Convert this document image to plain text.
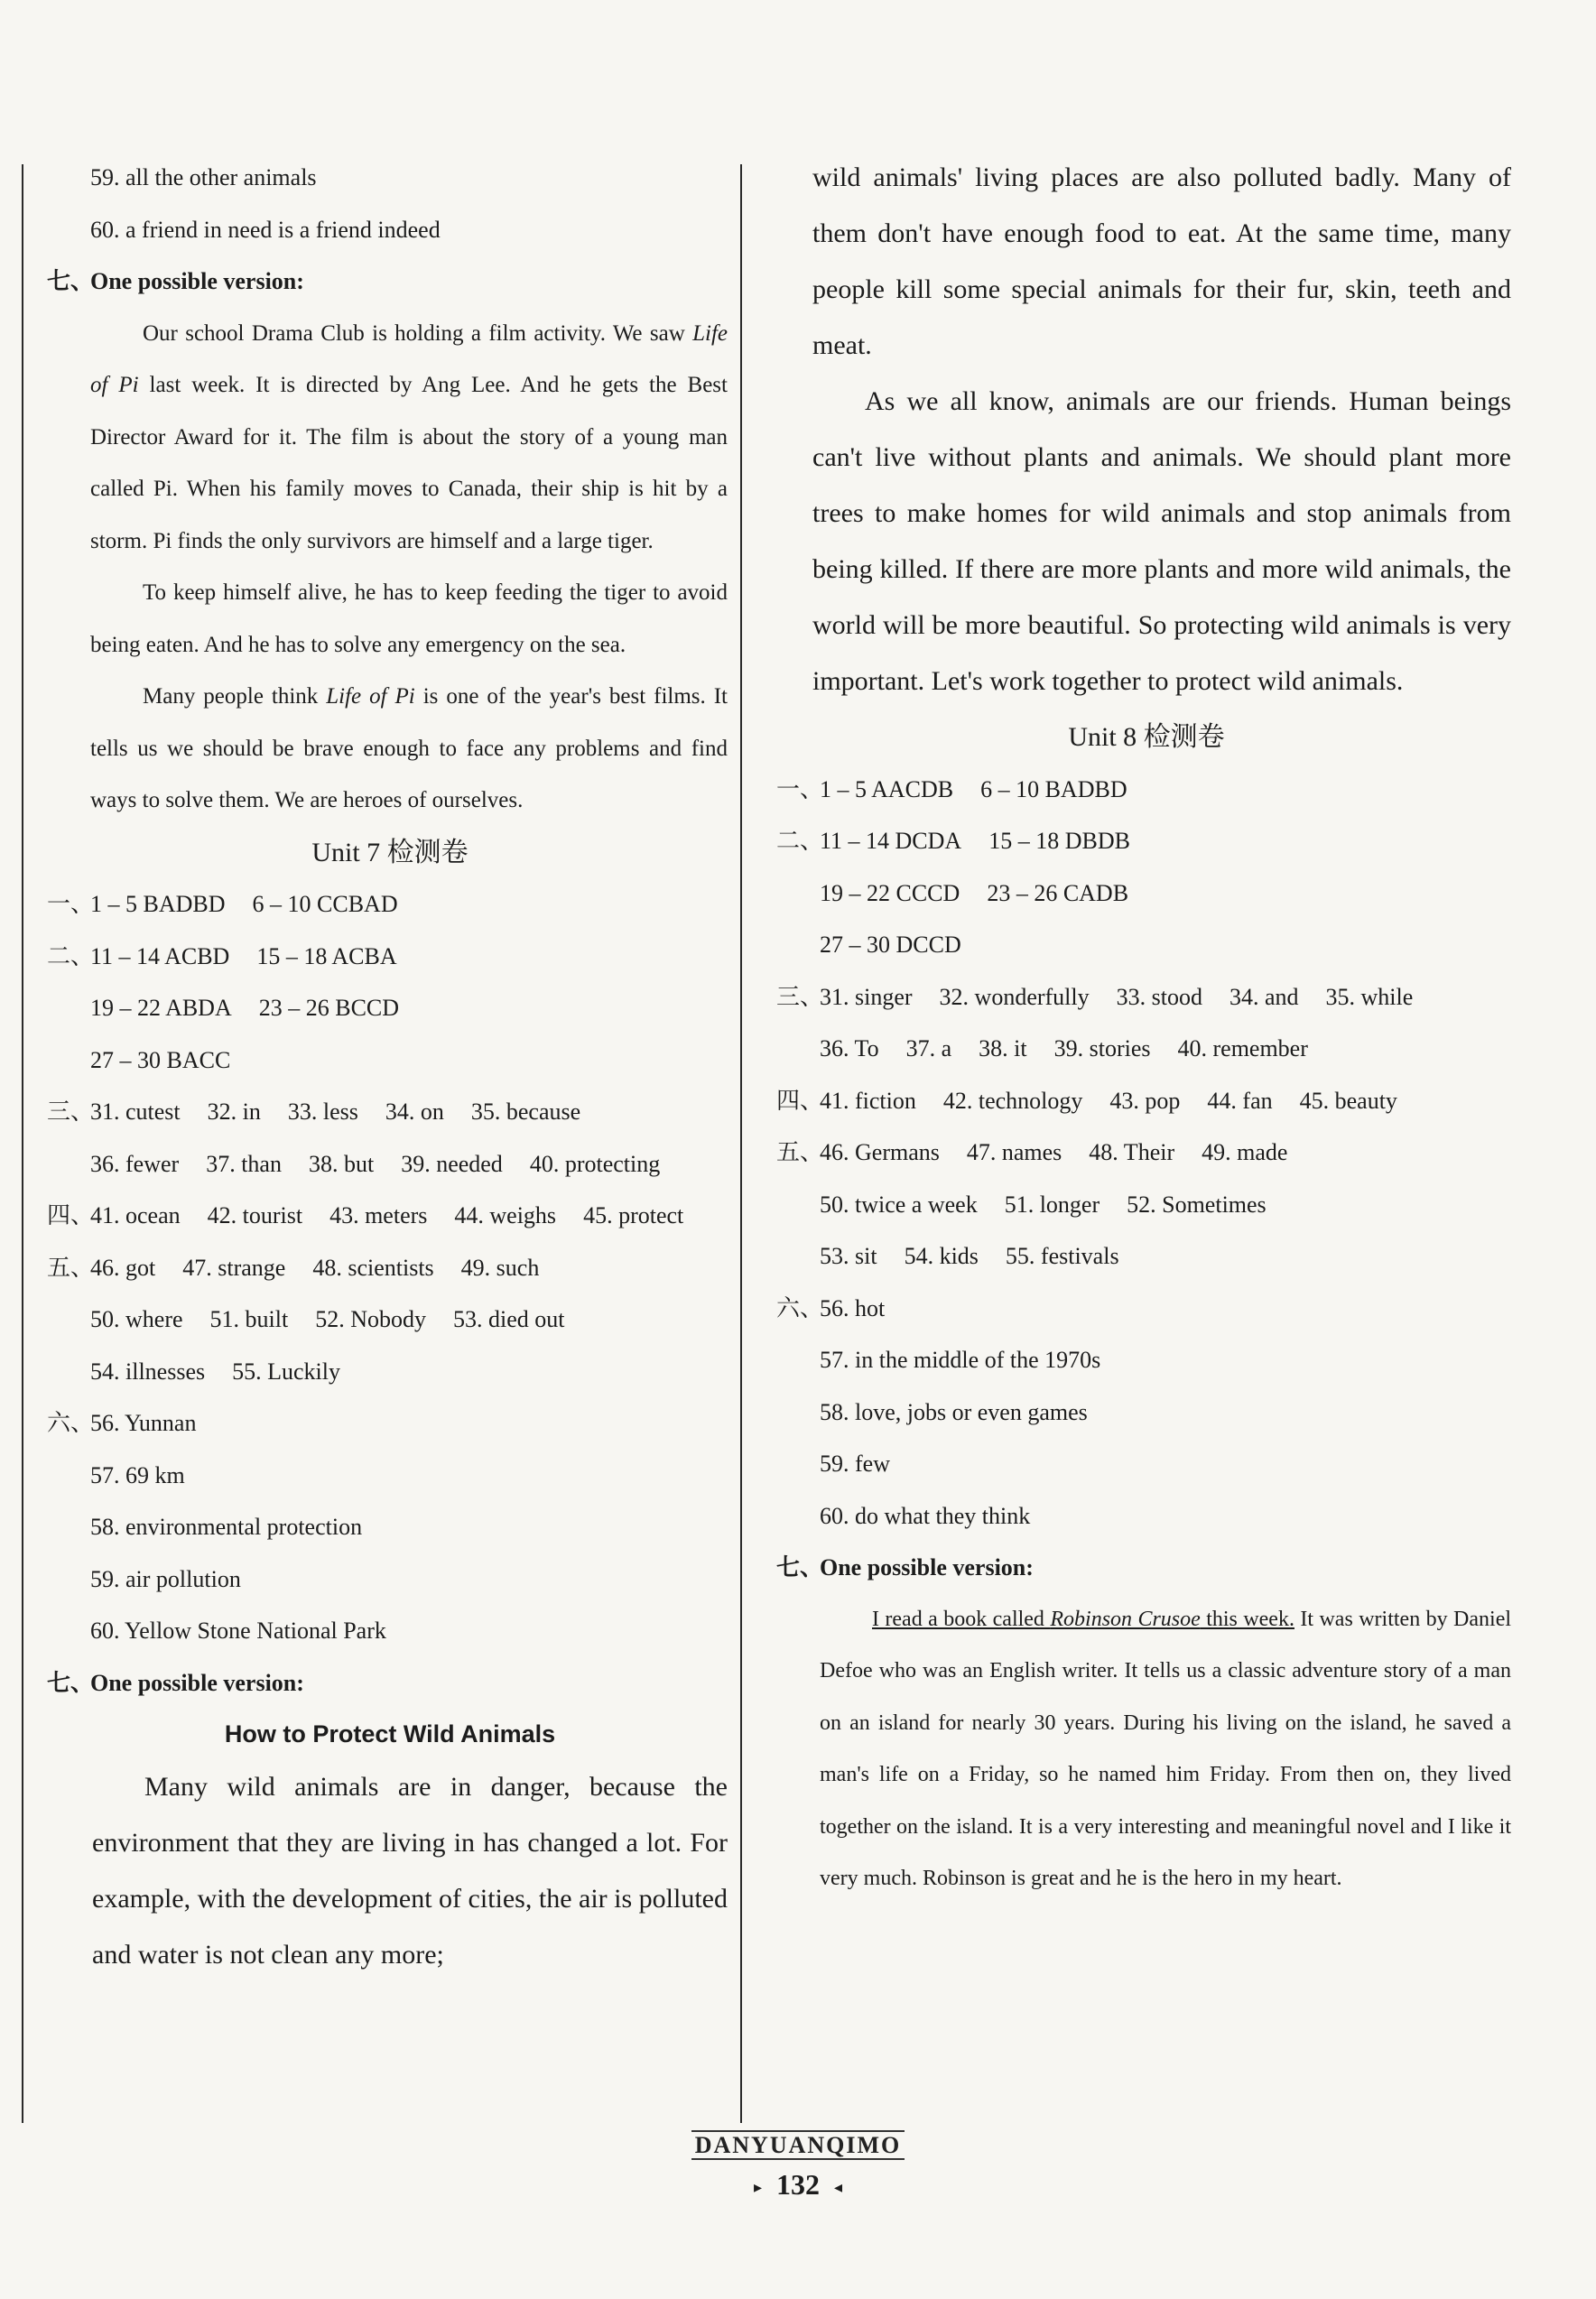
59. all the other animals
60. a friend in need is a friend indeed
七、One possible version:

Our school Drama Club is holding a film activity. We saw Life of Pi last week. It is directed by Ang Lee. And he gets the Best Director Award for it. The film is about the story of a young man called Pi. When his family moves to Canada, their ship is hit by a storm. Pi finds the only survivors are himself and a large tiger.

To keep himself alive, he has to keep feeding the tiger to avoid being eaten. And he has to solve any emergency on the sea.

Many people think Life of Pi is one of the year's best films. It tells us we should be brave enough to face any problems and find ways to solve them. We are heroes of ourselves.

Unit 7 检测卷
一、1 – 5 BADBD 6 – 10 CCBAD
二、11 – 14 ACBD 15 – 18 ACBA
19 – 22 ABDA 23 – 26 BCCD
27 – 30 BACC
三、31. cutest 32. in 33. less 34. on 35. because
36. fewer 37. than 38. but 39. needed 40. protecting
四、41. ocean 42. tourist 43. meters 44. weighs 45. protect
五、46. got 47. strange 48. scientists 49. such
50. where 51. built 52. Nobody 53. died out
54. illnesses 55. Luckily
六、56. Yunnan
57. 69 km
58. environmental protection
59. air pollution
60. Yellow Stone National Park
七、One possible version:
How to Protect Wild Animals

Many wild animals are in danger, because the environment that they are living in has changed a lot. For example, with the development of cities, the air is polluted and water is not clean any more;

wild animals' living places are also polluted badly. Many of them don't have enough food to eat. At the same time, many people kill some special animals for their fur, skin, teeth and meat.

As we all know, animals are our friends. Human beings can't live without plants and animals. We should plant more trees to make homes for wild animals and stop animals from being killed. If there are more plants and more wild animals, the world will be more beautiful. So protecting wild animals is very important. Let's work together to protect wild animals.

Unit 8 检测卷
一、1 – 5 AACDB 6 – 10 BADBD
二、11 – 14 DCDA 15 – 18 DBDB
19 – 22 CCCD 23 – 26 CADB
27 – 30 DCCD
三、31. singer 32. wonderfully 33. stood 34. and 35. while
36. To 37. a 38. it 39. stories 40. remember
四、41. fiction 42. technology 43. pop 44. fan 45. beauty
五、46. Germans 47. names 48. Their 49. made
50. twice a week 51. longer 52. Sometimes
53. sit 54. kids 55. festivals
六、56. hot
57. in the middle of the 1970s
58. love, jobs or even games
59. few
60. do what they think
七、One possible version:

I read a book called Robinson Crusoe this week. It was written by Daniel Defoe who was an English writer. It tells us a classic adventure story of a man on an island for nearly 30 years. During his living on the island, he saved a man's life on a Friday, so he named him Friday. From then on, they lived together on the island. It is a very interesting and meaningful novel and I like it very much. Robinson is great and he is the hero in my heart.

DANYUANQIMO
▸ 132 ◂
